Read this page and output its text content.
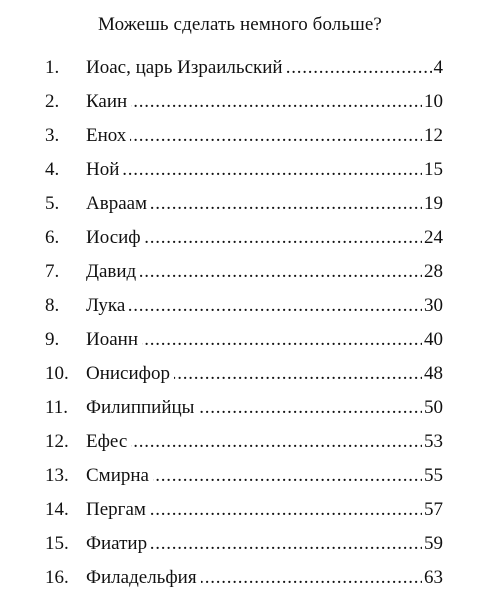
Можешь сделать немного больше?
1. Иоас, царь Израильский . . .	4
2. Каин . . .	10
3. Енох . . .	12
4. Ной . . .	15
5. Авраам . . .	19
6. Иосиф . . .	24
7. Давид . . .	28
8. Лука . . .	30
9. Иоанн . . .	40
10. Онисифор . . .	48
11. Филиппийцы . . .	50
12. Ефес . . .	53
13. Смирна . . .	55
14. Пергам . . .	57
15. Фиатир . . .	59
16. Филадельфия . . .	63
